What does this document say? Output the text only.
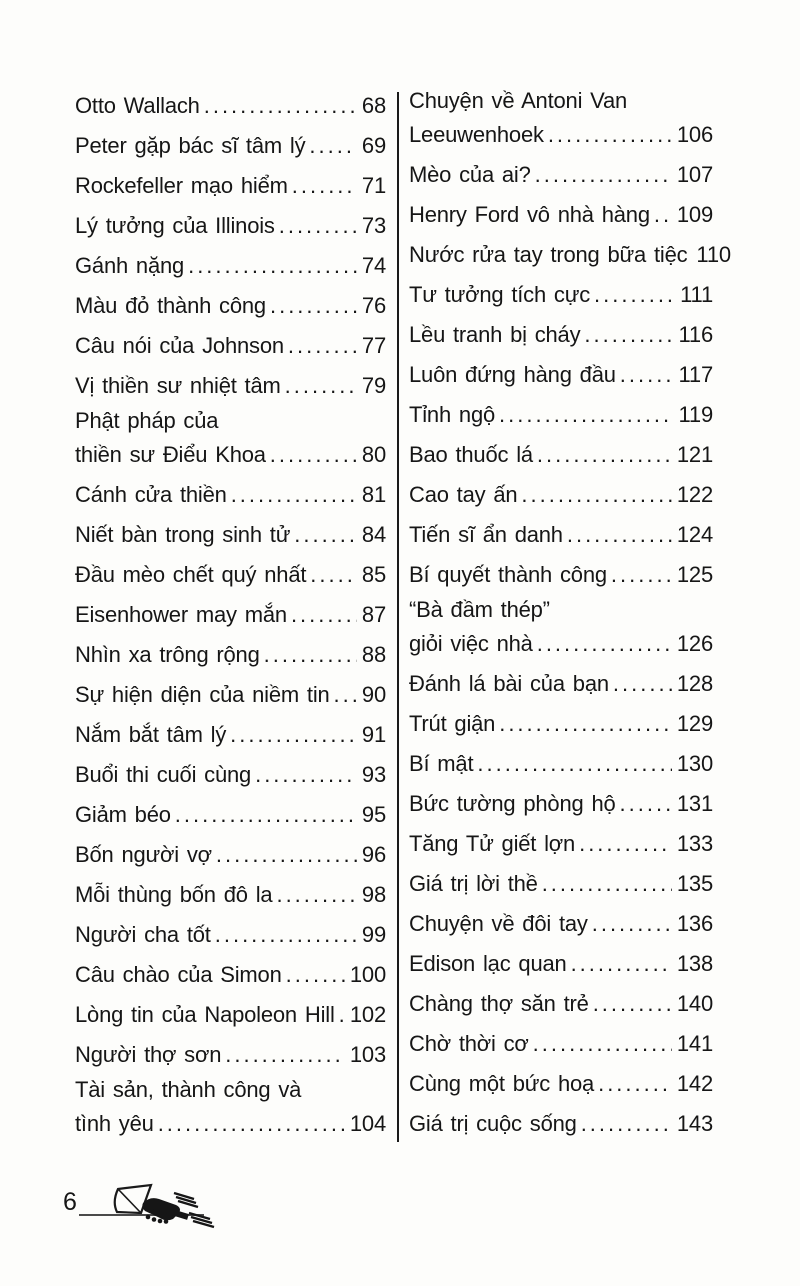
Otto Wallach .....	68
Peter gặp bác sĩ tâm lý .....	69
Rockefeller mạo hiểm .....	71
Lý tưởng của Illinois .....	73
Gánh nặng .....	74
Màu đỏ thành công .....	76
Câu nói của Johnson .....	77
Vị thiền sư nhiệt tâm .....	79
Phật pháp của
thiền sư Điểu Khoa .....	80
Cánh cửa thiền .....	81
Niết bàn trong sinh tử .....	84
Đầu mèo chết quý nhất .....	85
Eisenhower may mắn .....	87
Nhìn xa trông rộng .....	88
Sự hiện diện của niềm tin ..... 90
Nắm bắt tâm lý .....	91
Buổi thi cuối cùng .....	93
Giảm béo .....	95
Bốn người vợ .....	96
Mỗi thùng bốn đô la .....	98
Người cha tốt .....	99
Câu chào của Simon .....	100
Lòng tin của Napoleon Hill ..... 102
Người thợ sơn .....	103
Tài sản, thành công và
tình yêu .....	104
Chuyện về Antoni Van
Leeuwenhoek .....	106
Mèo của ai? .....	107
Henry Ford vô nhà hàng ..... 109
Nước rửa tay trong bữa tiệc 110
Tư tưởng tích cực .....	111
Lều tranh bị cháy .....	116
Luôn đứng hàng đầu .....	117
Tỉnh ngộ .....	119
Bao thuốc lá .....	121
Cao tay ấn .....	122
Tiến sĩ ẩn danh .....	124
Bí quyết thành công .....	125
“Bà đầm thép”
giỏi việc nhà .....	126
Đánh lá bài của bạn .....	128
Trút giận .....	129
Bí mật .....	130
Bức tường phòng hộ .....	131
Tăng Tử giết lợn .....	133
Giá trị lời thề .....	135
Chuyện về đôi tay .....	136
Edison lạc quan .....	138
Chàng thợ săn trẻ .....	140
Chờ thời cơ .....	141
Cùng một bức hoạ .....	142
Giá trị cuộc sống .....	143
6
